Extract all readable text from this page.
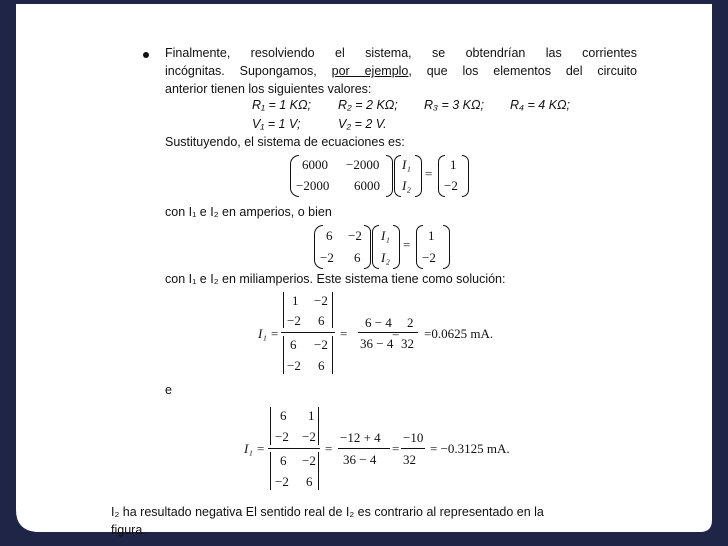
Finalmente, resolviendo el sistema, se obtendrían las corrientes
incógnitas. Supongamos, por ejemplo, que los elementos del circuito
anterior tienen los siguientes valores:
R₁ = 1 KΩ; R₂ = 2 KΩ; R₃ = 3 KΩ; R₄ = 4 KΩ;
V₁ = 1 V;	V₂ = 2 V.
Sustituyendo, el sistema de ecuaciones es:
6000 −2000
−2000 6000
I₁
I₂
=
1
−2
con I₁ e I₂ en amperios, o bien
6 −2
−2 6
I₁
I₂
=
1
−2
con I₁ e I₂ en miliamperios. Este sistema tiene como solución:
I₁ =
1 −2
−2 6
6 −2
−2 6
=
6 − 4
36 − 4
=
2
32
=0.0625 mA.
e
I₁ =
6 1
−2 −2
6 −2
−2 6
=
−12 + 4
36 − 4
=
−10
32
= −0.3125 mA.
I₂ ha resultado negativa El sentido real de I₂ es contrario al representado en la
figura.
